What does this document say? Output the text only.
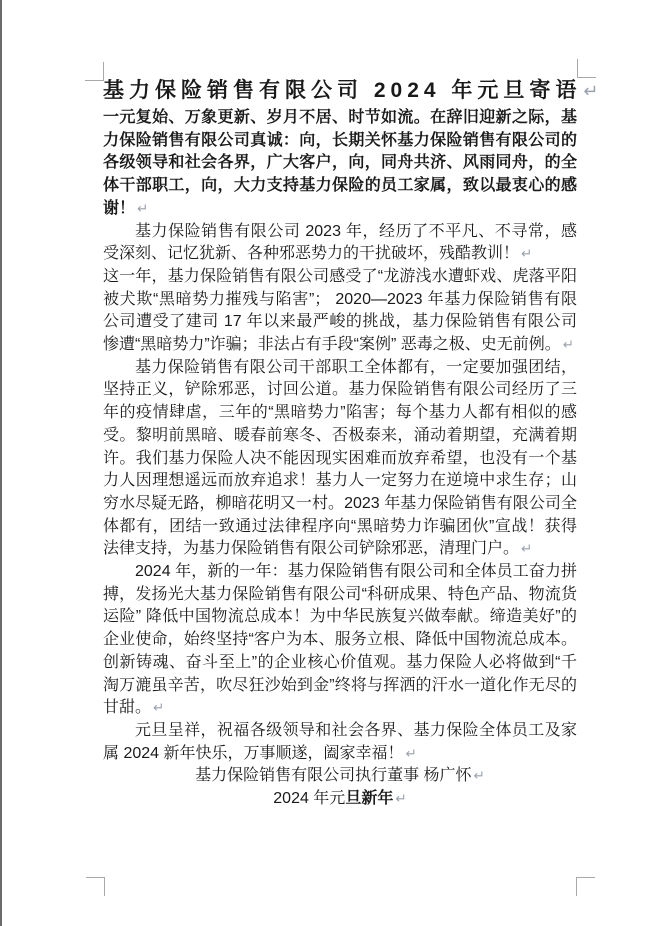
基力保险销售有限公司 2024 年元旦寄语 ↵

一元复始、万象更新、岁月不居、时节如流。在辞旧迎新之际，基力保险销售有限公司真诚：向，长期关怀基力保险销售有限公司的各级领导和社会各界，广大客户，向，同舟共济、风雨同舟，的全体干部职工，向，大力支持基力保险的员工家属，致以最衷心的感谢！ ↵

基力保险销售有限公司 2023 年，经历了不平凡、不寻常，感受深刻、记忆犹新、各种邪恶势力的干扰破坏，残酷教训！ ↵

这一年，基力保险销售有限公司感受了“龙游浅水遭虾戏、虎落平阳被犬欺“黑暗势力摧残与陷害”； 2020—2023 年基力保险销售有限公司遭受了建司 17 年以来最严峻的挑战，基力保险销售有限公司惨遭“黑暗势力”诈骗；非法占有手段“案例” 恶毒之极、史无前例。 ↵

基力保险销售有限公司干部职工全体都有，一定要加强团结，坚持正义，铲除邪恶，讨回公道。基力保险销售有限公司经历了三年的疫情肆虐，三年的“黑暗势力”陷害；每个基力人都有相似的感受。黎明前黑暗、暖春前寒冬、否极泰来，涌动着期望，充满着期许。我们基力保险人决不能因现实困难而放弃希望，也没有一个基力人因理想遥远而放弃追求！基力人一定努力在逆境中求生存；山穷水尽疑无路，柳暗花明又一村。2023 年基力保险销售有限公司全体都有，团结一致通过法律程序向“黑暗势力诈骗团伙”宣战！获得法律支持，为基力保险销售有限公司铲除邪恶，清理门户。 ↵

2024 年，新的一年：基力保险销售有限公司和全体员工奋力拼搏，发扬光大基力保险销售有限公司“科研成果、特色产品、物流货运险” 降低中国物流总成本！为中华民族复兴做奉献。缔造美好”的企业使命，始终坚持“客户为本、服务立根、降低中国物流总成本。创新铸魂、奋斗至上”的企业核心价值观。基力保险人必将做到“千淘万漉虽辛苦，吹尽狂沙始到金”终将与挥洒的汗水一道化作无尽的甘甜。 ↵

元旦呈祥，祝福各级领导和社会各界、基力保险全体员工及家属 2024 新年快乐，万事顺遂，阖家幸福！ ↵

基力保险销售有限公司执行董事 杨广怀 ↵

2024 年元旦新年 ↵
